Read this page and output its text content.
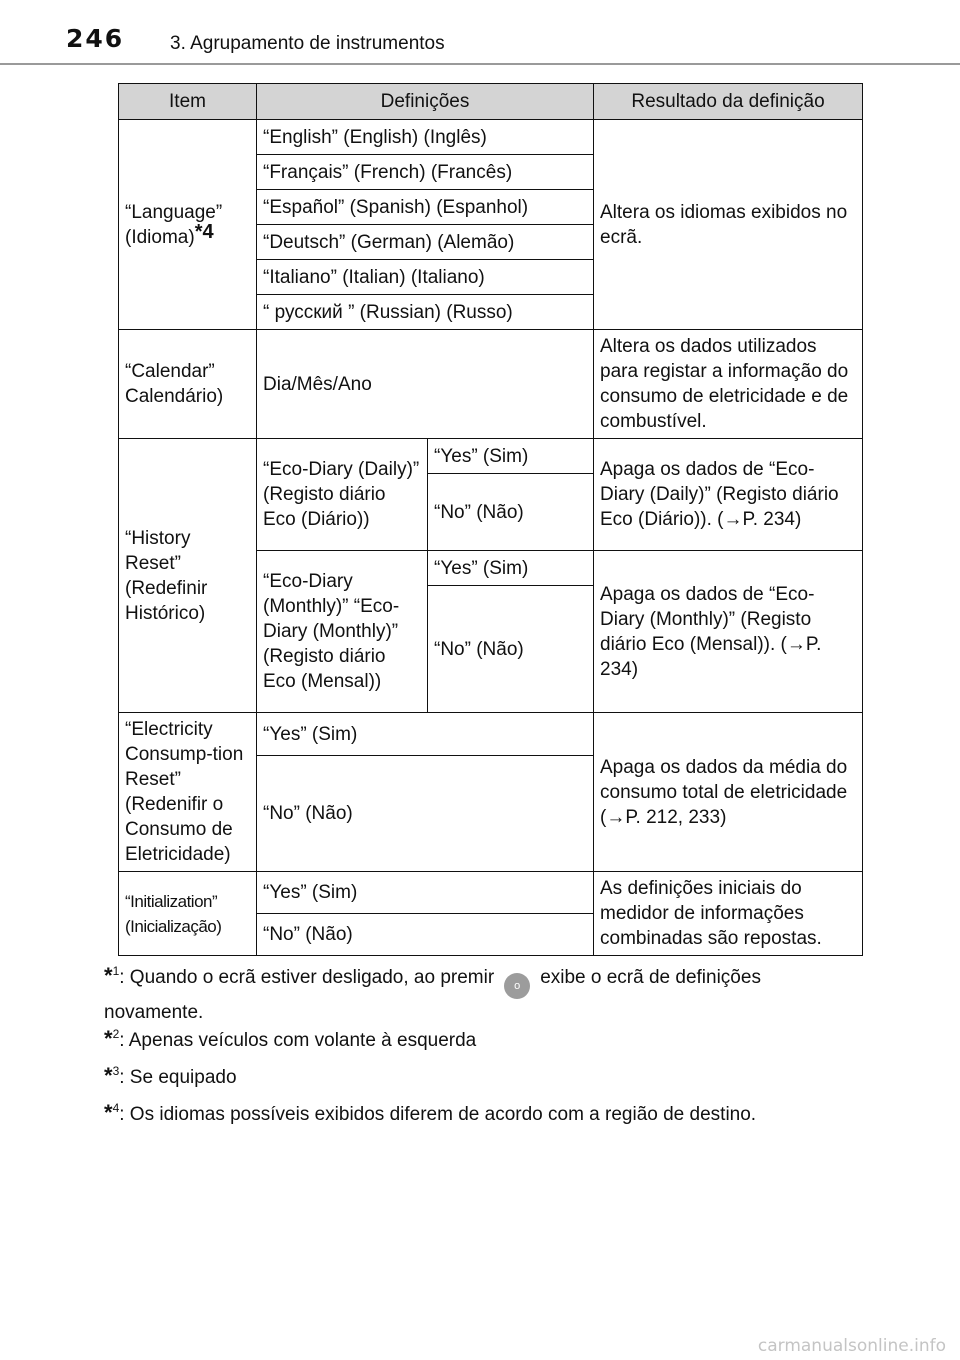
246 3. Agrupamento de instrumentos
Item	Definições		Resultado da definição
“Language”
(Idioma)$^{*4}$	“English” (English) (Inglês)		Altera os idiomas exibidos no ecrã.
	“Français” (French) (Francês)		
	“Español” (Spanish) (Espanhol)		
	“Deutsch” (German) (Alemão)		
	“Italiano” (Italian) (Italiano)		
	“ русский ” (Russian) (Russo)		
“Calendar”
Calendário)	Dia/Mês/Ano		Altera os dados utilizados para registar a informação do consumo de eletricidade e de combustível.
“History Reset” (Redefinir Histórico)	“Eco-Diary (Daily)” (Registo diário Eco (Diário))	“Yes” (Sim)	Apaga os dados de “Eco-Diary (Daily)” (Registo diário Eco (Diário)). (→P. 234)
		“No” (Não)	
	“Eco-Diary (Monthly)” “Eco-Diary (Monthly)” (Registo diário Eco (Mensal))	“Yes” (Sim)	Apaga os dados de “Eco-Diary (Monthly)” (Registo diário Eco (Mensal)). (→P. 234)
		“No” (Não)	
“Electricity Consump-tion Reset” (Redenifir o Consumo de Eletricidade)	“Yes” (Sim)		Apaga os dados da média do consumo total de eletricidade (→P. 212, 233)
	“No” (Não)		
“Initialization” (Inicialização)	“Yes” (Sim)		As definições iniciais do medidor de informações combinadas são repostas.
	“No” (Não)		
*$^1$: Quando o ecrã estiver desligado, ao premir o exibe o ecrã de definições novamente.
*$^2$: Apenas veículos com volante à esquerda
*$^3$: Se equipado
*$^4$: Os idiomas possíveis exibidos diferem de acordo com a região de destino.
carmanualsonline.info
